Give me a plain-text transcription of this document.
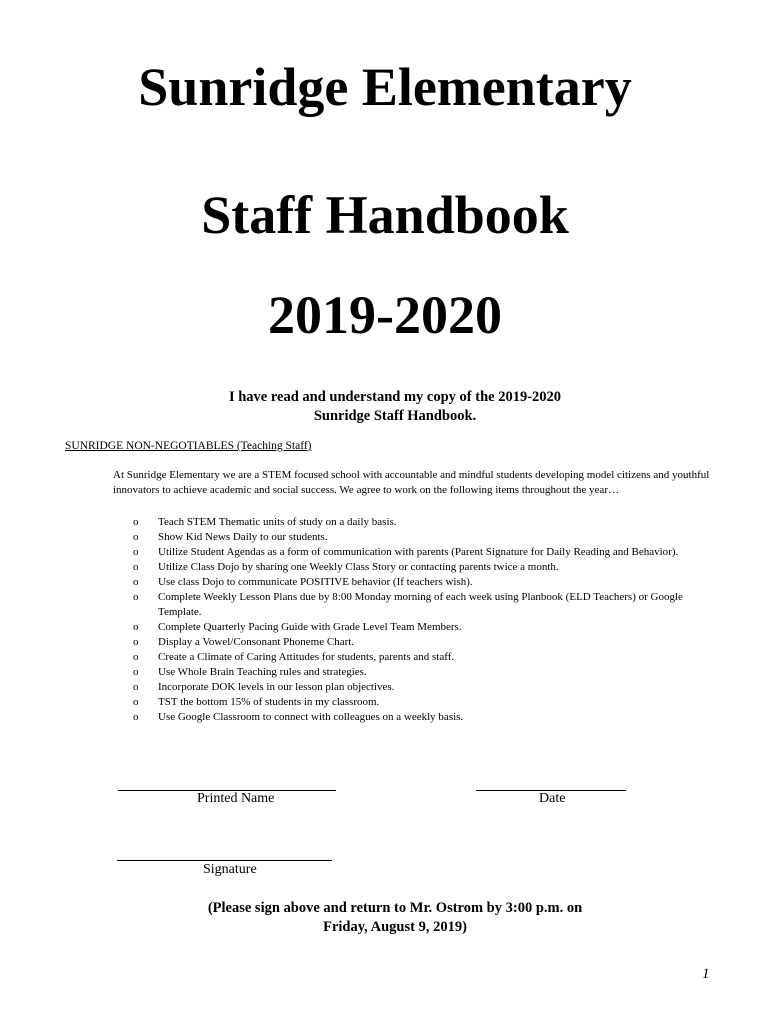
Sunridge Elementary
Staff Handbook
2019-2020
I have read and understand my copy of the 2019-2020
Sunridge Staff Handbook.
SUNRIDGE NON-NEGOTIABLES (Teaching Staff)
At Sunridge Elementary we are a STEM focused school with accountable and mindful students developing model citizens and youthful innovators to achieve academic and social success. We agree to work on the following items throughout the year…
o Teach STEM Thematic units of study on a daily basis.
o Show Kid News Daily to our students.
o Utilize Student Agendas as a form of communication with parents (Parent Signature for Daily Reading and Behavior).
o Utilize Class Dojo by sharing one Weekly Class Story or contacting parents twice a month.
o Use class Dojo to communicate POSITIVE behavior (If teachers wish).
o Complete Weekly Lesson Plans due by 8:00 Monday morning of each week using Planbook (ELD Teachers) or Google Template.
o Complete Quarterly Pacing Guide with Grade Level Team Members.
o Display a Vowel/Consonant Phoneme Chart.
o Create a Climate of Caring Attitudes for students, parents and staff.
o Use Whole Brain Teaching rules and strategies.
o Incorporate DOK levels in our lesson plan objectives.
o TST the bottom 15% of students in my classroom.
o Use Google Classroom to connect with colleagues on a weekly basis.
Printed Name	Date
Signature
(Please sign above and return to Mr. Ostrom by 3:00 p.m. on
Friday, August 9, 2019)
1
